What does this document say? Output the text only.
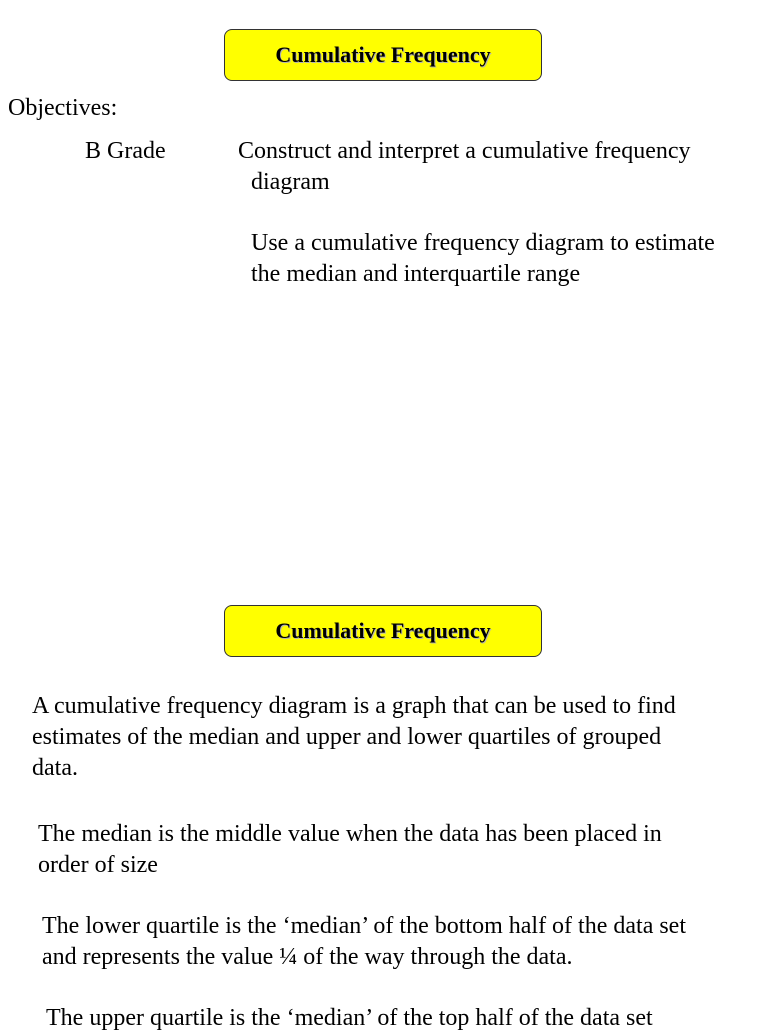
Cumulative Frequency

Objectives:

B Grade	Construct and interpret a cumulative frequency

diagram

Use a cumulative frequency diagram to estimate

the median and interquartile range

Cumulative Frequency

A cumulative frequency diagram is a graph that can be used to find

estimates of the median and upper and lower quartiles of grouped

data.

The median is the middle value when the data has been placed in

order of size

The lower quartile is the ‘median’ of the bottom half of the data set

and represents the value ¼ of the way through the data.

The upper quartile is the ‘median’ of the top half of the data set
